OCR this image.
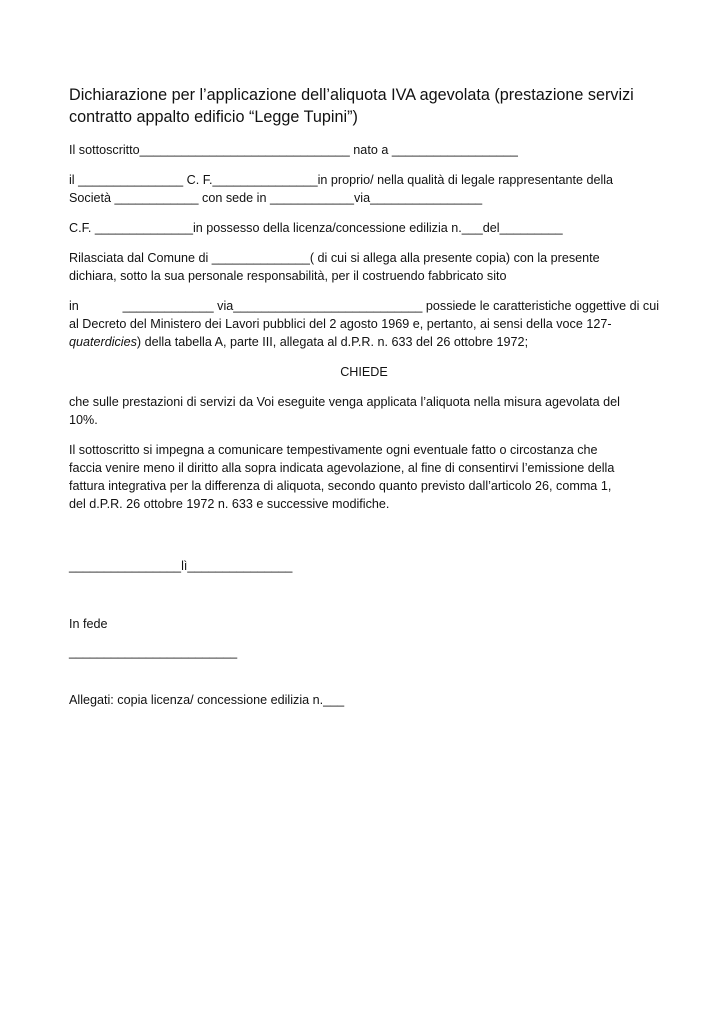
Dichiarazione per l’applicazione dell’aliquota IVA agevolata (prestazione servizi
contratto appalto edificio “Legge Tupini”)

Il sottoscritto______________________________ nato a __________________

il _______________ C. F._______________in proprio/ nella qualità di legale rappresentante della
Società ____________ con sede in ____________via________________

C.F. ______________in possesso della licenza/concessione edilizia n.___del_________

Rilasciata dal Comune di ______________( di cui si allega alla presente copia) con la presente
dichiara, sotto la sua personale responsabilità, per il costruendo fabbricato sito

in	_____________ via___________________________ possiede le caratteristiche oggettive di cui
al Decreto del Ministero dei Lavori pubblici del 2 agosto 1969 e, pertanto, ai sensi della voce 127-
quaterdicies) della tabella A, parte III, allegata al d.P.R. n. 633 del 26 ottobre 1972;

CHIEDE

che sulle prestazioni di servizi da Voi eseguite venga applicata l’aliquota nella misura agevolata del
10%.

Il sottoscritto si impegna a comunicare tempestivamente ogni eventuale fatto o circostanza che
faccia venire meno il diritto alla sopra indicata agevolazione, al fine di consentirvi l’emissione della
fattura integrativa per la differenza di aliquota, secondo quanto previsto dall’articolo 26, comma 1,
del d.P.R. 26 ottobre 1972 n. 633 e successive modifiche.

________________lì_______________

In fede

________________________

Allegati: copia licenza/ concessione edilizia n.___
